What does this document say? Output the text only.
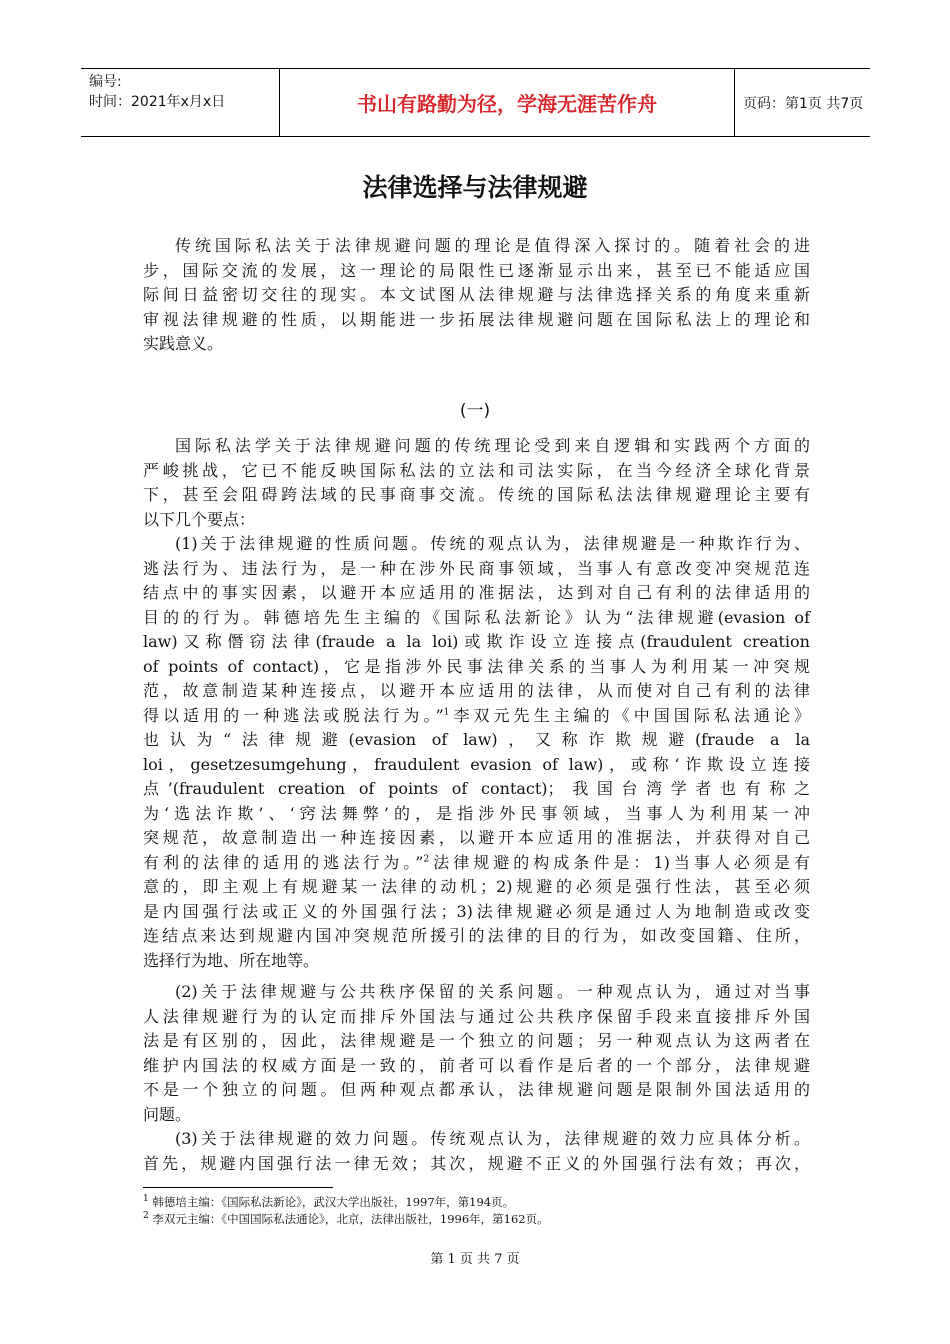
编号:
时间：2021年x月x日	书山有路勤为径，学海无涯苦作舟	页码：第1页 共7页
法律选择与法律规避
传统国际私法关于法律规避问题的理论是值得深入探讨的。随着社会的进
步，国际交流的发展，这一理论的局限性已逐渐显示出来，甚至已不能适应国
际间日益密切交往的现实。本文试图从法律规避与法律选择关系的角度来重新
审视法律规避的性质，以期能进一步拓展法律规避问题在国际私法上的理论和
实践意义。
(一)
国际私法学关于法律规避问题的传统理论受到来自逻辑和实践两个方面的
严峻挑战，它已不能反映国际私法的立法和司法实际，在当今经济全球化背景
下，甚至会阻碍跨法域的民事商事交流。传统的国际私法法律规避理论主要有
以下几个要点：
(1)关于法律规避的性质问题。传统的观点认为，法律规避是一种欺诈行为、
逃法行为、违法行为，是一种在涉外民商事领域，当事人有意改变冲突规范连
结点中的事实因素，以避开本应适用的准据法，达到对自己有利的法律适用的
目的的行为。韩德培先生主编的《国际私法新论》认为“法律规避(evasion of
law)又称僭窃法律(fraude a la loi)或欺诈设立连接点(fraudulent creation
of points of contact)，它是指涉外民事法律关系的当事人为利用某一冲突规
范，故意制造某种连接点，以避开本应适用的法律，从而使对自己有利的法律
得以适用的一种逃法或脱法行为。”$^1$李双元先生主编的《中国国际私法通论》
也认为“法律规避(evasion of law)，又称诈欺规避(fraude a la
loi，gesetzesumgehung，fraudulent evasion of law)，或称‘诈欺设立连接
点’(fraudulent creation of points of contact)；我国台湾学者也有称之
为‘选法诈欺’、‘窍法舞弊’的，是指涉外民事领域，当事人为利用某一冲
突规范，故意制造出一种连接因素，以避开本应适用的准据法，并获得对自己
有利的法律的适用的逃法行为。”$^2$法律规避的构成条件是：1)当事人必须是有
意的，即主观上有规避某一法律的动机；2)规避的必须是强行性法，甚至必须
是内国强行法或正义的外国强行法；3)法律规避必须是通过人为地制造或改变
连结点来达到规避内国冲突规范所援引的法律的目的行为，如改变国籍、住所，
选择行为地、所在地等。
(2)关于法律规避与公共秩序保留的关系问题。一种观点认为，通过对当事
人法律规避行为的认定而排斥外国法与通过公共秩序保留手段来直接排斥外国
法是有区别的，因此，法律规避是一个独立的问题；另一种观点认为这两者在
维护内国法的权威方面是一致的，前者可以看作是后者的一个部分，法律规避
不是一个独立的问题。但两种观点都承认，法律规避问题是限制外国法适用的
问题。
(3)关于法律规避的效力问题。传统观点认为，法律规避的效力应具体分析。
首先，规避内国强行法一律无效；其次，规避不正义的外国强行法有效；再次，
$^1$ 韩德培主编：《国际私法新论》，武汉大学出版社，1997年，第194页。
$^2$ 李双元主编：《中国国际私法通论》，北京，法律出版社，1996年，第162页。
第 1 页 共 7 页
